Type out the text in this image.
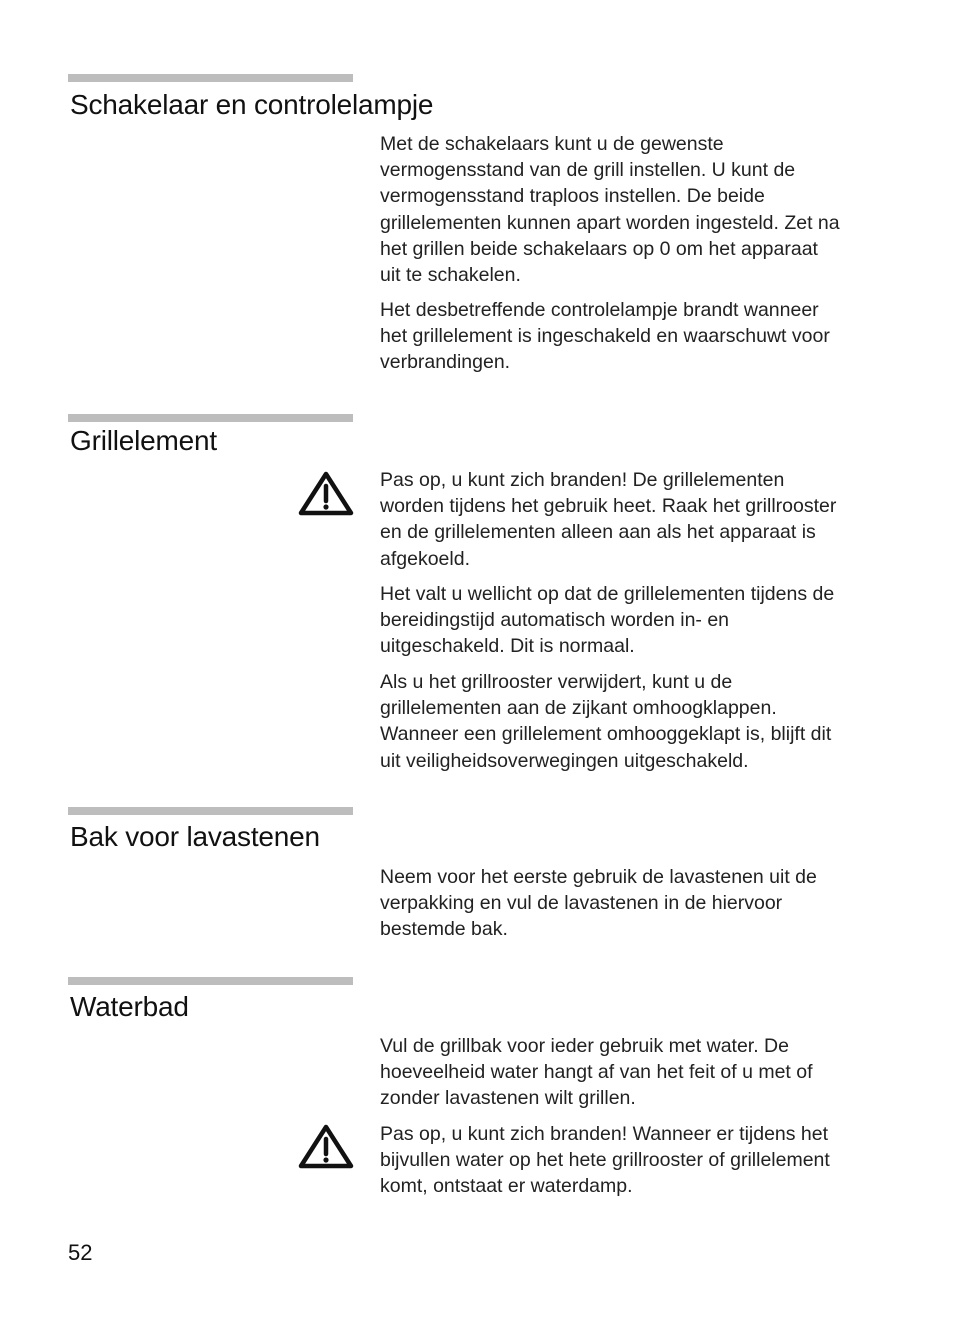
Schakelaar en controlelampje

Met de schakelaars kunt u de gewenste
vermogensstand van de grill instellen. U kunt de
vermogensstand traploos instellen. De beide
grillelementen kunnen apart worden ingesteld. Zet na
het grillen beide schakelaars op 0 om het apparaat
uit te schakelen.

Het desbetreffende controlelampje brandt wanneer
het grillelement is ingeschakeld en waarschuwt voor
verbrandingen.

Grillelement

Pas op, u kunt zich branden! De grillelementen
worden tijdens het gebruik heet. Raak het grillrooster
en de grillelementen alleen aan als het apparaat is
afgekoeld.

Het valt u wellicht op dat de grillelementen tijdens de
bereidingstijd automatisch worden in- en
uitgeschakeld. Dit is normaal.

Als u het grillrooster verwijdert, kunt u de
grillelementen aan de zijkant omhoogklappen.
Wanneer een grillelement omhooggeklapt is, blijft dit
uit veiligheidsoverwegingen uitgeschakeld.

Bak voor lavastenen

Neem voor het eerste gebruik de lavastenen uit de
verpakking en vul de lavastenen in de hiervoor
bestemde bak.

Waterbad

Vul de grillbak voor ieder gebruik met water. De
hoeveelheid water hangt af van het feit of u met of
zonder lavastenen wilt grillen.

Pas op, u kunt zich branden! Wanneer er tijdens het
bijvullen water op het hete grillrooster of grillelement
komt, ontstaat er waterdamp.

52
